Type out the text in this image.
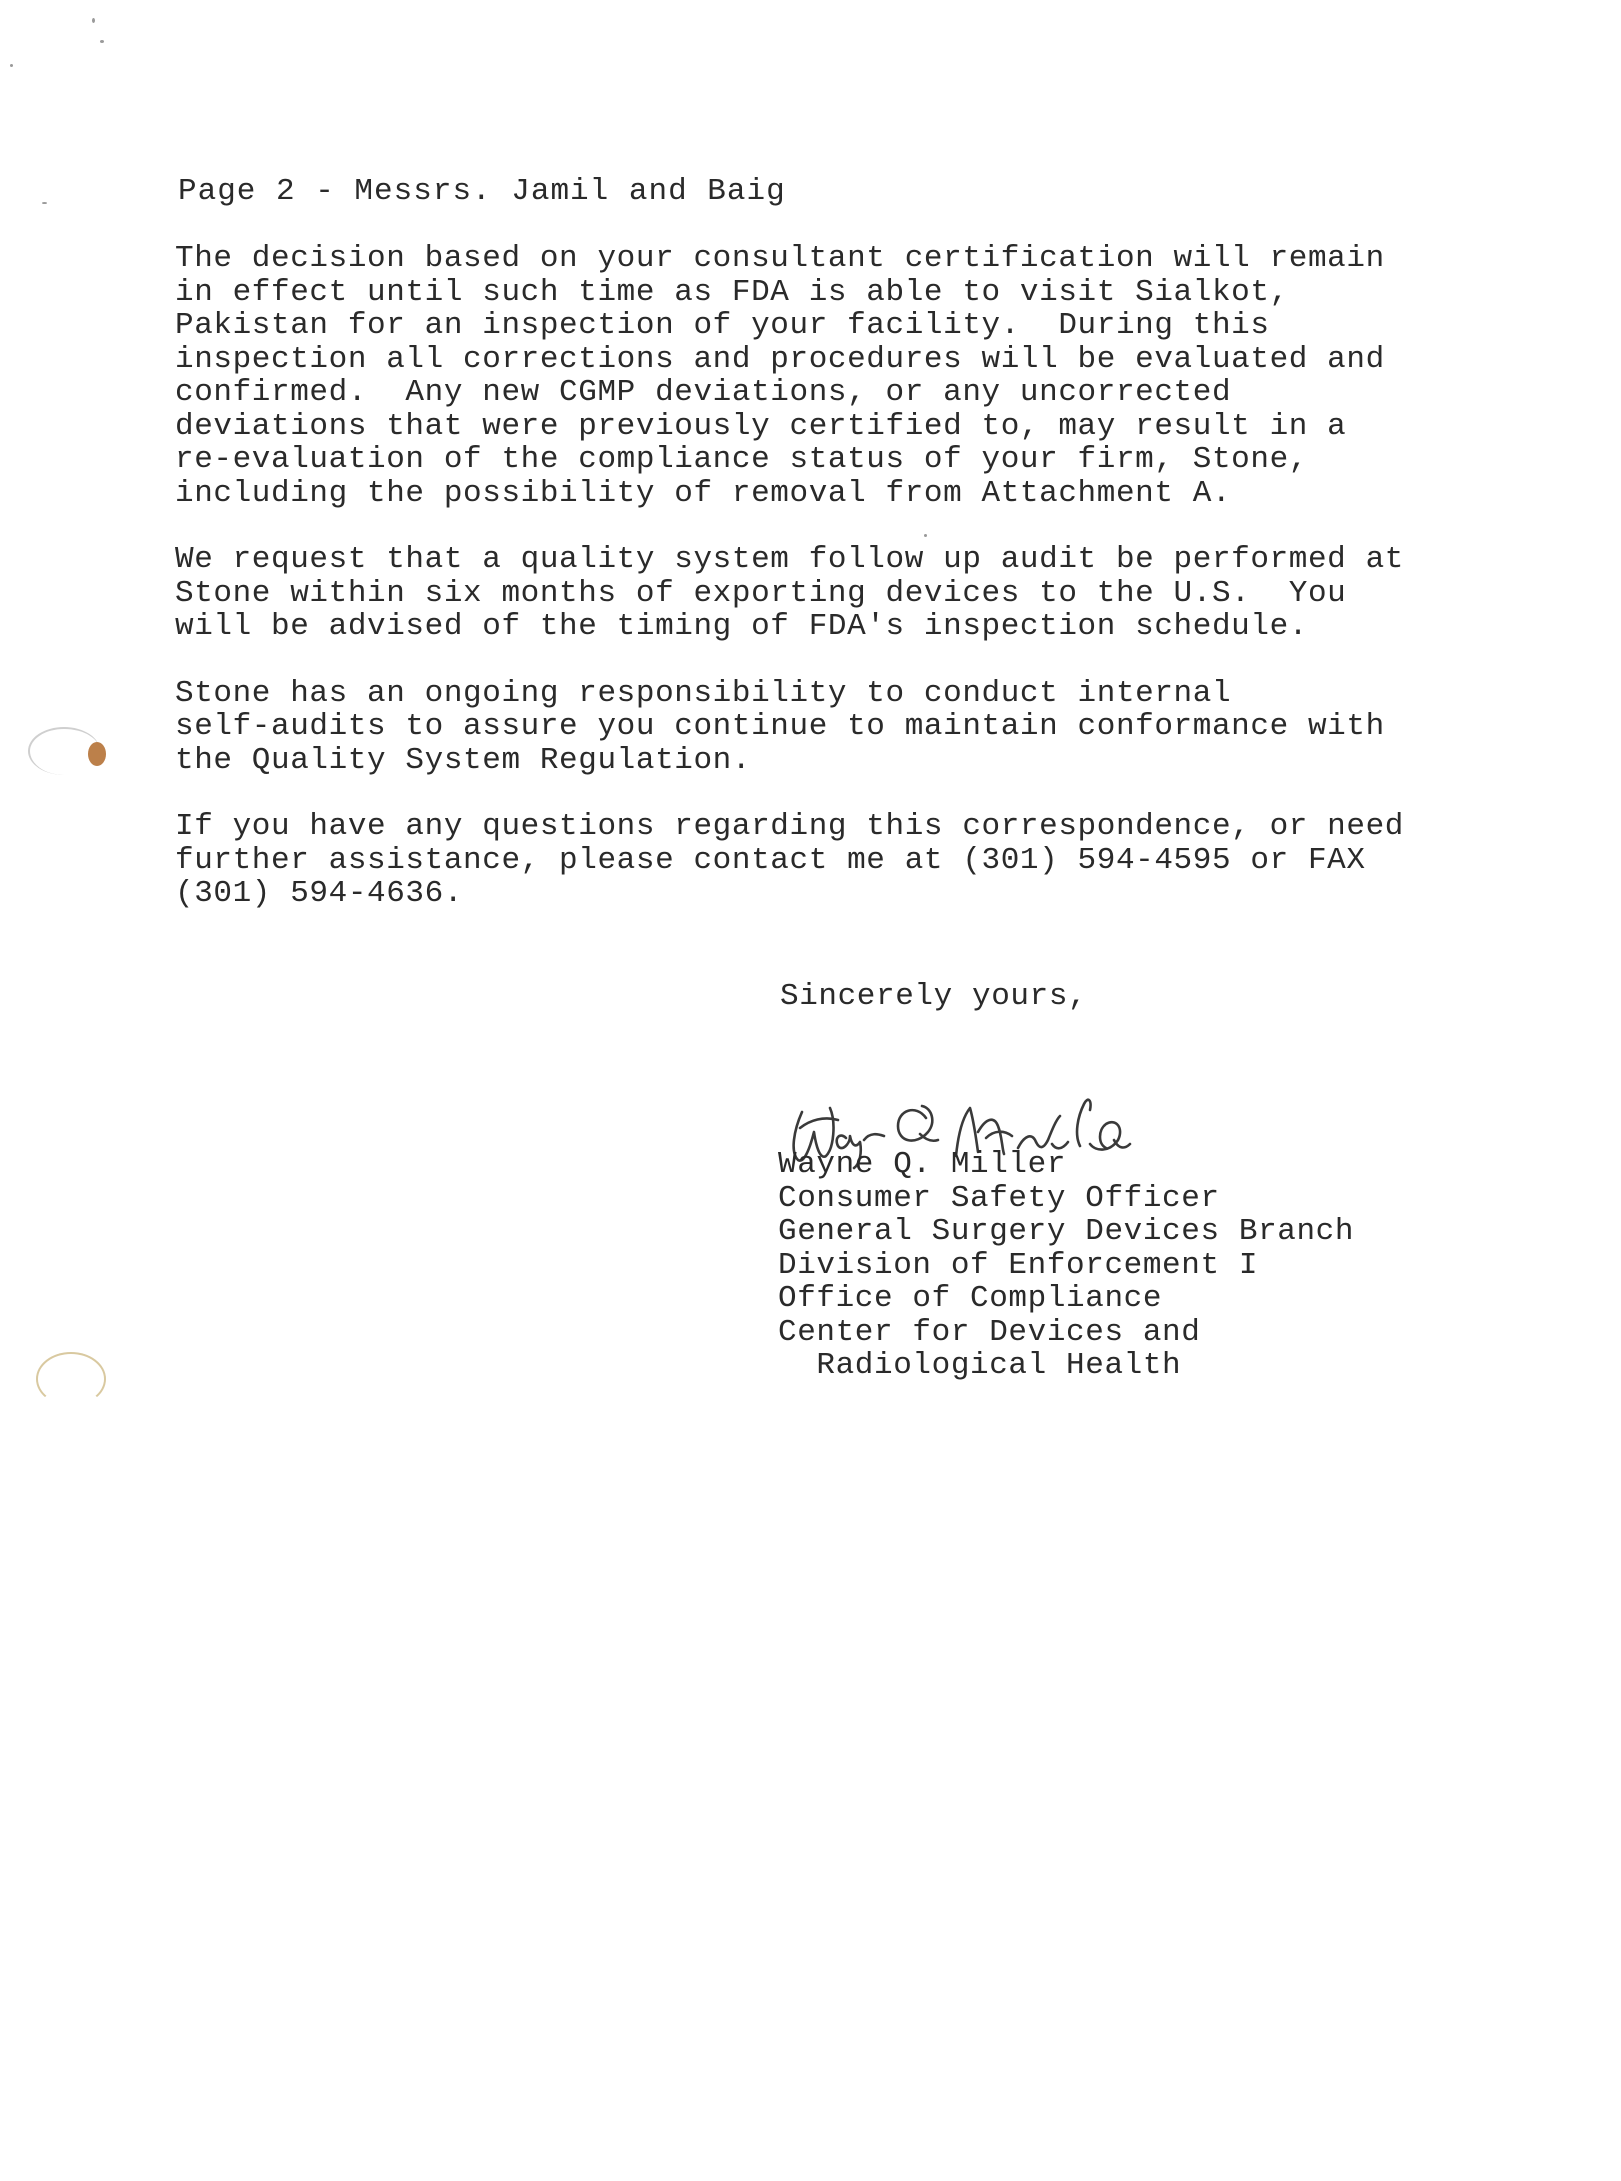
Page 2 - Messrs. Jamil and Baig
The decision based on your consultant certification will remain
in effect until such time as FDA is able to visit Sialkot,
Pakistan for an inspection of your facility.  During this
inspection all corrections and procedures will be evaluated and
confirmed.  Any new CGMP deviations, or any uncorrected
deviations that were previously certified to, may result in a
re-evaluation of the compliance status of your firm, Stone,
including the possibility of removal from Attachment A.
We request that a quality system follow up audit be performed at
Stone within six months of exporting devices to the U.S.  You
will be advised of the timing of FDA's inspection schedule.
Stone has an ongoing responsibility to conduct internal
self-audits to assure you continue to maintain conformance with
the Quality System Regulation.
If you have any questions regarding this correspondence, or need
further assistance, please contact me at (301) 594-4595 or FAX
(301) 594-4636.
Sincerely yours,
Wayne Q. Miller
Consumer Safety Officer
General Surgery Devices Branch
Division of Enforcement I
Office of Compliance
Center for Devices and
Radiological Health
